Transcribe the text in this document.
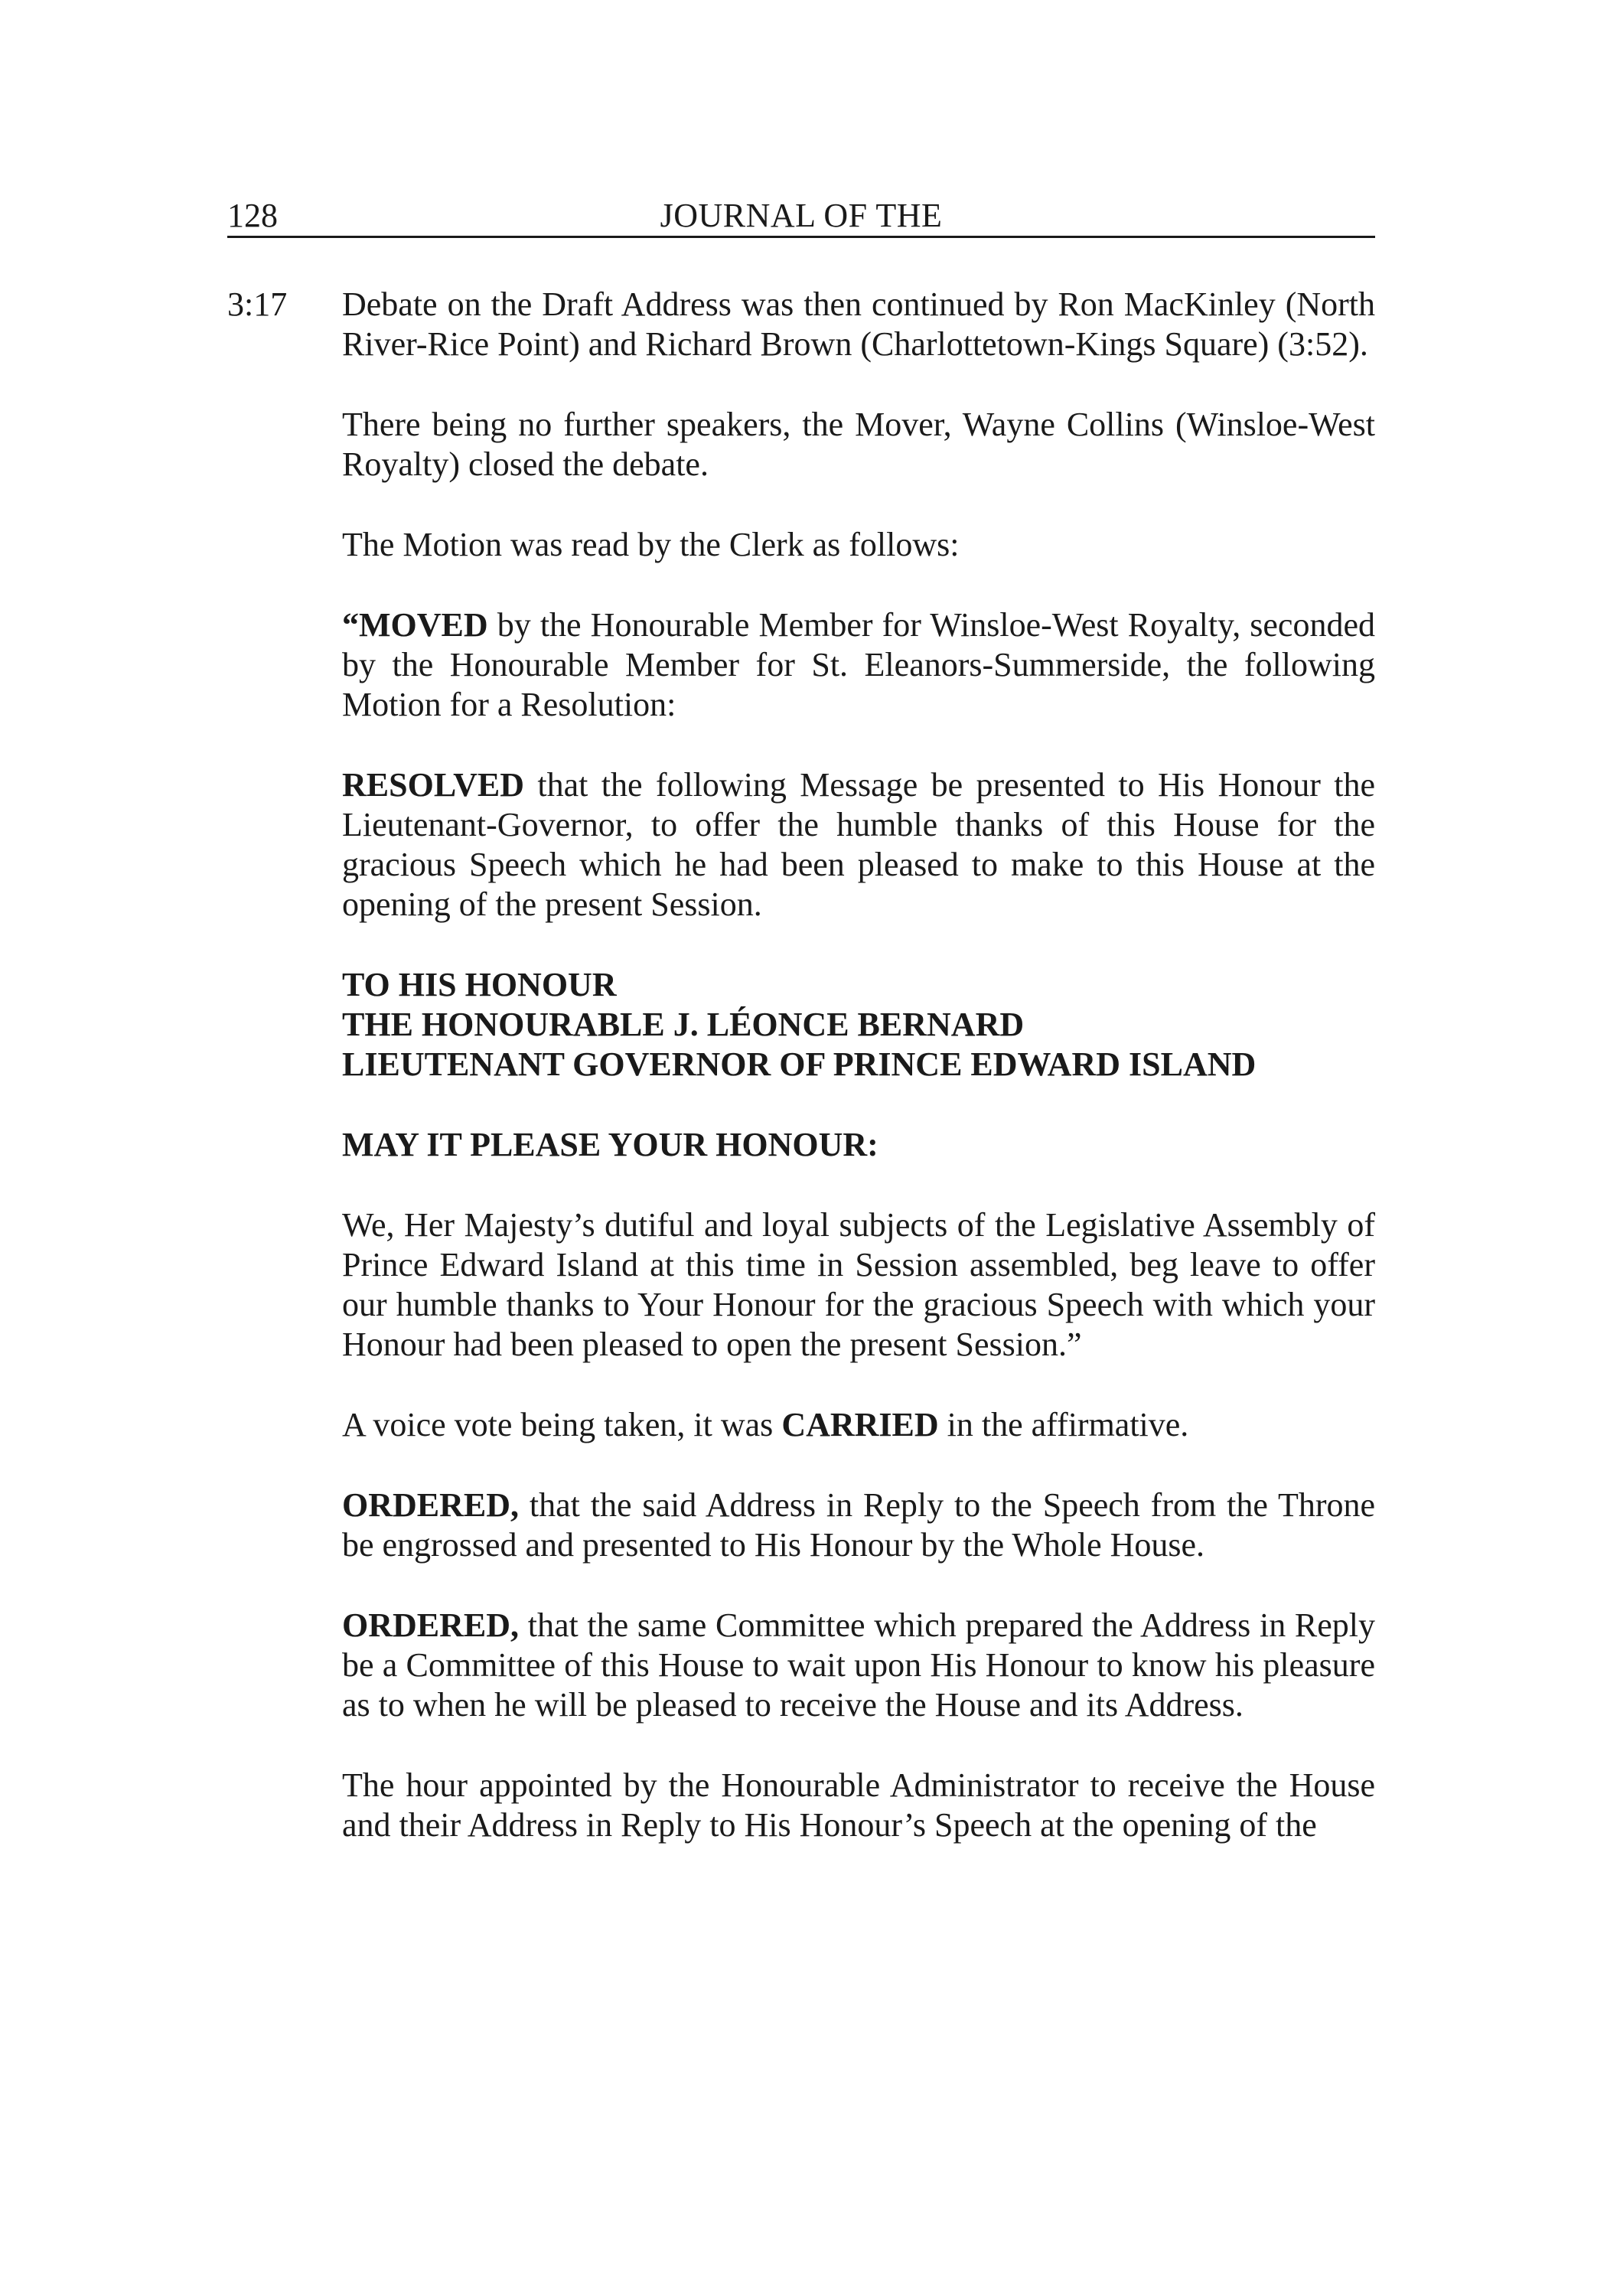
128	JOURNAL OF THE
3:17 Debate on the Draft Address was then continued by Ron MacKinley (North River-Rice Point) and Richard Brown (Charlottetown-Kings Square) (3:52).

There being no further speakers, the Mover, Wayne Collins (Winsloe-West Royalty) closed the debate.

The Motion was read by the Clerk as follows:

“MOVED by the Honourable Member for Winsloe-West Royalty, seconded by the Honourable Member for St. Eleanors-Summerside, the following Motion for a Resolution:

RESOLVED that the following Message be presented to His Honour the Lieutenant-Governor, to offer the humble thanks of this House for the gracious Speech which he had been pleased to make to this House at the opening of the present Session.

TO HIS HONOUR
THE HONOURABLE J. LÉONCE BERNARD
LIEUTENANT GOVERNOR OF PRINCE EDWARD ISLAND

MAY IT PLEASE YOUR HONOUR:

We, Her Majesty’s dutiful and loyal subjects of the Legislative Assembly of Prince Edward Island at this time in Session assembled, beg leave to offer our humble thanks to Your Honour for the gracious Speech with which your Honour had been pleased to open the present Session.”

A voice vote being taken, it was CARRIED in the affirmative.

ORDERED, that the said Address in Reply to the Speech from the Throne be engrossed and presented to His Honour by the Whole House.

ORDERED, that the same Committee which prepared the Address in Reply be a Committee of this House to wait upon His Honour to know his pleasure as to when he will be pleased to receive the House and its Address.

The hour appointed by the Honourable Administrator to receive the House and their Address in Reply to His Honour’s Speech at the opening of the
